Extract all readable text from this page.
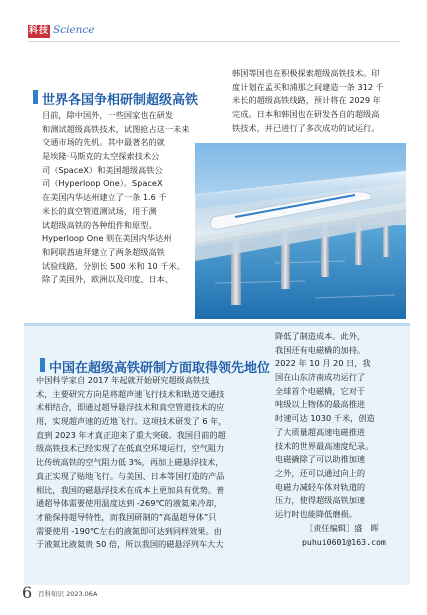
科技 Science
世界各国争相研制超级高铁
目前，除中国外，一些国家也在研发
和测试超级高铁技术，试图抢占这一未来
交通市场的先机。其中最著名的就
是埃隆·马斯克的太空探索技术公
司（SpaceX）和美国超级高铁公
司（Hyperloop One）。SpaceX
在美国内华达州建立了一条 1.6 千
米长的真空管道测试场，用于测
试超级高铁的各种组件和原型。
Hyperloop One 则在美国内华达州
和阿联酋迪拜建立了两条超级高铁
试验线路，分别长 500 米和 10 千米。
除了美国外，欧洲以及印度、日本、
韩国等国也在积极探索超级高铁技术。印
度计划在孟买和浦那之间建造一条 312 千
米长的超级高铁线路，预计将在 2029 年
完成。日本和韩国也在研发各自的超级高
铁技术，并已进行了多次成功的试运行。
中国在超级高铁研制方面取得领先地位
中国科学家自 2017 年起就开始研究超级高铁技
术，主要研究方向是将超声速飞行技术和轨道交通技
术相结合，即通过超导悬浮技术和真空管道技术的应
用，实现超声速的近地飞行。这项技术研发了 6 年，
直到 2023 年才真正迎来了重大突破。我国目前的超
级高铁技术已经实现了在低真空环境运行，空气阻力
比传统高铁的空气阻力低 3%，再加上磁悬浮技术，
真正实现了贴地飞行。与美国、日本等国打造的产品
相比，我国的磁悬浮技术在成本上更加具有优势。普
通超导体需要使用温度达到 -269℃的液氦来冷却，
才能保持超导特性，而我国研制的“高温超导体”只
需要使用 -190℃左右的液氮即可达到同样效果。由
于液氮比液氦贵 50 倍，所以我国的磁悬浮列车大大
降低了制造成本。此外，
我国还有电磁橇的加持。
2022 年 10 月 20 日，我
国在山东济南成功运行了
全球首个电磁橇，它对于
吨级以上物体的最高推进
时速可达 1030 千米，创造
了大质量超高速电磁推进
技术的世界最高速度纪录。
电磁撬除了可以助推加速
之外，还可以通过向上的
电磁力减轻车体对轨道的
压力，使得超级高铁加速
运行时也能降低磨损。
［责任编辑］盛　晖
puhui0601@163.com
6 百科知识 2023.06A
